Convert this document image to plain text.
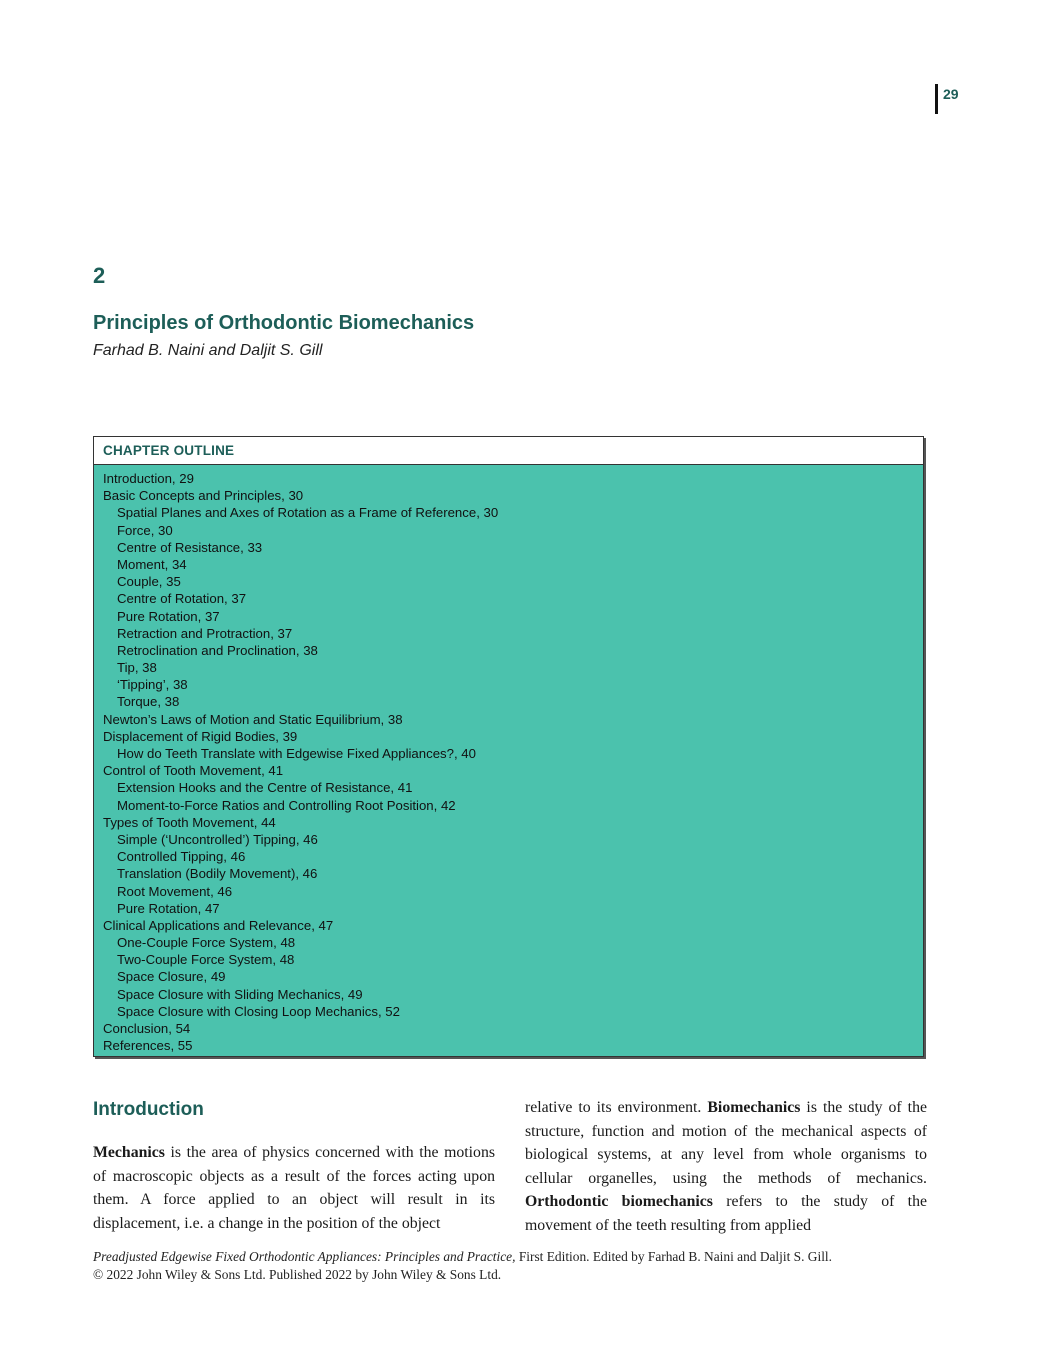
29
2
Principles of Orthodontic Biomechanics
Farhad B. Naini and Daljit S. Gill
CHAPTER OUTLINE
Introduction, 29
Basic Concepts and Principles, 30
Spatial Planes and Axes of Rotation as a Frame of Reference, 30
Force, 30
Centre of Resistance, 33
Moment, 34
Couple, 35
Centre of Rotation, 37
Pure Rotation, 37
Retraction and Protraction, 37
Retroclination and Proclination, 38
Tip, 38
‘Tipping’, 38
Torque, 38
Newton’s Laws of Motion and Static Equilibrium, 38
Displacement of Rigid Bodies, 39
How do Teeth Translate with Edgewise Fixed Appliances?, 40
Control of Tooth Movement, 41
Extension Hooks and the Centre of Resistance, 41
Moment-to-Force Ratios and Controlling Root Position, 42
Types of Tooth Movement, 44
Simple (‘Uncontrolled’) Tipping, 46
Controlled Tipping, 46
Translation (Bodily Movement), 46
Root Movement, 46
Pure Rotation, 47
Clinical Applications and Relevance, 47
One-Couple Force System, 48
Two-Couple Force System, 48
Space Closure, 49
Space Closure with Sliding Mechanics, 49
Space Closure with Closing Loop Mechanics, 52
Conclusion, 54
References, 55
Introduction

Mechanics is the area of physics concerned with the motions of macroscopic objects as a result of the forces acting upon them. A force applied to an object will result in its displacement, i.e. a change in the position of the object

relative to its environment. Biomechanics is the study of the structure, function and motion of the mechanical aspects of biological systems, at any level from whole organisms to cellular organelles, using the methods of mechanics. Orthodontic biomechanics refers to the study of the movement of the teeth resulting from applied

Preadjusted Edgewise Fixed Orthodontic Appliances: Principles and Practice, First Edition. Edited by Farhad B. Naini and Daljit S. Gill.
© 2022 John Wiley & Sons Ltd. Published 2022 by John Wiley & Sons Ltd.
